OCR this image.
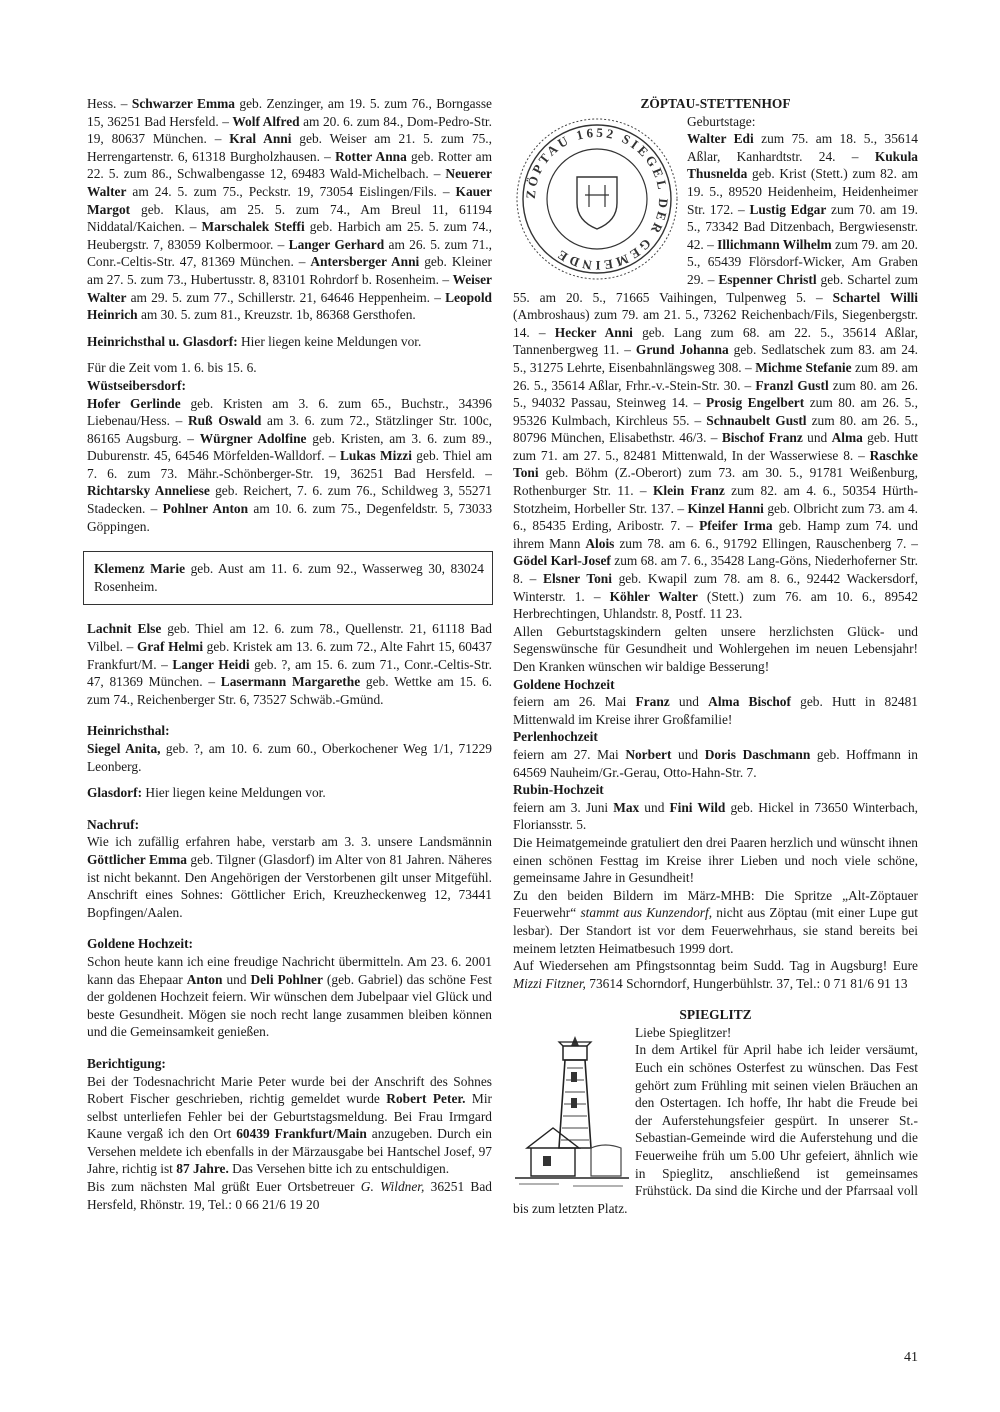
Hess. – Schwarzer Emma geb. Zenzinger, am 19. 5. zum 76., Borngasse 15, 36251 Bad Hersfeld. – Wolf Alfred am 20. 6. zum 84., Dom-Pedro-Str. 19, 80637 München. – Kral Anni geb. Weiser am 21. 5. zum 75., Herrengartenstr. 6, 61318 Burgholzhausen. – Rotter Anna geb. Rotter am 22. 5. zum 86., Schwalbengasse 12, 69483 Wald-Michelbach. – Neuerer Walter am 24. 5. zum 75., Peckstr. 19, 73054 Eislingen/Fils. – Kauer Margot geb. Klaus, am 25. 5. zum 74., Am Breul 11, 61194 Niddatal/Kaichen. – Marschalek Steffi geb. Harbich am 25. 5. zum 74., Heubergstr. 7, 83059 Kolbermoor. – Langer Gerhard am 26. 5. zum 71., Conr.-Celtis-Str. 47, 81369 München. – Antersberger Anni geb. Kleiner am 27. 5. zum 73., Hubertusstr. 8, 83101 Rohrdorf b. Rosenheim. – Weiser Walter am 29. 5. zum 77., Schillerstr. 21, 64646 Heppenheim. – Leopold Heinrich am 30. 5. zum 81., Kreuzstr. 1b, 86368 Gersthofen.

Heinrichsthal u. Glasdorf: Hier liegen keine Meldungen vor.

Für die Zeit vom 1. 6. bis 15. 6.

Wüstseibersdorf:

Hofer Gerlinde geb. Kristen am 3. 6. zum 65., Buchstr., 34396 Liebenau/Hess. – Ruß Oswald am 3. 6. zum 72., Stätzlinger Str. 100c, 86165 Augsburg. – Würgner Adolfine geb. Kristen, am 3. 6. zum 89., Duburenstr. 45, 64546 Mörfelden-Walldorf. – Lukas Mizzi geb. Thiel am 7. 6. zum 73. Mähr.-Schönberger-Str. 19, 36251 Bad Hersfeld. – Richtarsky Anneliese geb. Reichert, 7. 6. zum 76., Schildweg 3, 55271 Stadecken. – Pohlner Anton am 10. 6. zum 75., Degenfeldstr. 5, 73033 Göppingen.

Klemenz Marie geb. Aust am 11. 6. zum 92., Wasserweg 30, 83024 Rosenheim.

Lachnit Else geb. Thiel am 12. 6. zum 78., Quellenstr. 21, 61118 Bad Vilbel. – Graf Helmi geb. Kristek am 13. 6. zum 72., Alte Fahrt 15, 60437 Frankfurt/M. – Langer Heidi geb. ?, am 15. 6. zum 71., Conr.-Celtis-Str. 47, 81369 München. – Lasermann Margarethe geb. Wettke am 15. 6. zum 74., Reichenberger Str. 6, 73527 Schwäb.-Gmünd.

Heinrichsthal:

Siegel Anita, geb. ?, am 10. 6. zum 60., Oberkochener Weg 1/1, 71229 Leonberg.

Glasdorf: Hier liegen keine Meldungen vor.

Nachruf:

Wie ich zufällig erfahren habe, verstarb am 3. 3. unsere Landsmännin Göttlicher Emma geb. Tilgner (Glasdorf) im Alter von 81 Jahren. Näheres ist nicht bekannt. Den Angehörigen der Verstorbenen gilt unser Mitgefühl. Anschrift eines Sohnes: Göttlicher Erich, Kreuzheckenweg 12, 73441 Bopfingen/Aalen.

Goldene Hochzeit:

Schon heute kann ich eine freudige Nachricht übermitteln. Am 23. 6. 2001 kann das Ehepaar Anton und Deli Pohlner (geb. Gabriel) das schöne Fest der goldenen Hochzeit feiern. Wir wünschen dem Jubelpaar viel Glück und beste Gesundheit. Mögen sie noch recht lange zusammen bleiben können und die Gemeinsamkeit genießen.

Berichtigung:

Bei der Todesnachricht Marie Peter wurde bei der Anschrift des Sohnes Robert Fischer geschrieben, richtig gemeldet wurde Robert Peter. Mir selbst unterliefen Fehler bei der Geburtstagsmeldung. Bei Frau Irmgard Kaune vergaß ich den Ort 60439 Frankfurt/Main anzugeben. Durch ein Versehen meldete ich ebenfalls in der Märzausgabe bei Hantschel Josef, 97 Jahre, richtig ist 87 Jahre. Das Versehen bitte ich zu entschuldigen.

Bis zum nächsten Mal grüßt Euer Ortsbetreuer G. Wildner, 36251 Bad Hersfeld, Rhönstr. 19, Tel.: 0 66 21/6 19 20

ZÖPTAU-STETTENHOF

ZÖPTAU 1652 SIEGEL DER GEMEINDE

Geburtstage:

Walter Edi zum 75. am 18. 5., 35614 Aßlar, Kanhardtstr. 24. – Kukula Thusnelda geb. Krist (Stett.) zum 82. am 19. 5., 89520 Heidenheim, Heidenheimer Str. 172. – Lustig Edgar zum 70. am 19. 5., 73342 Bad Ditzenbach, Bergwiesenstr. 42. – Illichmann Wilhelm zum 79. am 20. 5., 65439 Flörsdorf-Wicker, Am Graben 29. – Espenner Christl geb. Schartel zum 55. am 20. 5., 71665 Vaihingen, Tulpenweg 5. – Schartel Willi (Ambroshaus) zum 79. am 21. 5., 73262 Reichenbach/Fils, Siegenbergstr. 14. – Hecker Anni geb. Lang zum 68. am 22. 5., 35614 Aßlar, Tannenbergweg 11. – Grund Johanna geb. Sedlatschek zum 83. am 24. 5., 31275 Lehrte, Eisenbahnlängsweg 308. – Michme Stefanie zum 89. am 26. 5., 35614 Aßlar, Frhr.-v.-Stein-Str. 30. – Franzl Gustl zum 80. am 26. 5., 94032 Passau, Steinweg 14. – Prosig Engelbert zum 80. am 26. 5., 95326 Kulmbach, Kirchleus 55. – Schnaubelt Gustl zum 80. am 26. 5., 80796 München, Elisabethstr. 46/3. – Bischof Franz und Alma geb. Hutt zum 71. am 27. 5., 82481 Mittenwald, In der Wasserwiese 8. – Raschke Toni geb. Böhm (Z.-Oberort) zum 73. am 30. 5., 91781 Weißenburg, Rothenburger Str. 11. – Klein Franz zum 82. am 4. 6., 50354 Hürth-Stotzheim, Horbeller Str. 137. – Kinzel Hanni geb. Olbricht zum 73. am 4. 6., 85435 Erding, Aribostr. 7. – Pfeifer Irma geb. Hamp zum 74. und ihrem Mann Alois zum 78. am 6. 6., 91792 Ellingen, Rauschenberg 7. – Gödel Karl-Josef zum 68. am 7. 6., 35428 Lang-Göns, Niederhoferner Str. 8. – Elsner Toni geb. Kwapil zum 78. am 8. 6., 92442 Wackersdorf, Winterstr. 1. – Köhler Walter (Stett.) zum 76. am 10. 6., 89542 Herbrechtingen, Uhlandstr. 8, Postf. 11 23.

Allen Geburtstagskindern gelten unsere herzlichsten Glück- und Segenswünsche für Gesundheit und Wohlergehen im neuen Lebensjahr! Den Kranken wünschen wir baldige Besserung!

Goldene Hochzeit

feiern am 26. Mai Franz und Alma Bischof geb. Hutt in 82481 Mittenwald im Kreise ihrer Großfamilie!

Perlenhochzeit

feiern am 27. Mai Norbert und Doris Daschmann geb. Hoffmann in 64569 Nauheim/Gr.-Gerau, Otto-Hahn-Str. 7.

Rubin-Hochzeit

feiern am 3. Juni Max und Fini Wild geb. Hickel in 73650 Winterbach, Floriansstr. 5.

Die Heimatgemeinde gratuliert den drei Paaren herzlich und wünscht ihnen einen schönen Festtag im Kreise ihrer Lieben und noch viele schöne, gemeinsame Jahre in Gesundheit!

Zu den beiden Bildern im März-MHB: Die Spritze „Alt-Zöptauer Feuerwehr“ stammt aus Kunzendorf, nicht aus Zöptau (mit einer Lupe gut lesbar). Der Standort ist vor dem Feuerwehrhaus, sie stand bereits bei meinem letzten Heimatbesuch 1999 dort.

Auf Wiedersehen am Pfingstsonntag beim Sudd. Tag in Augsburg! Eure Mizzi Fitzner, 73614 Schorndorf, Hungerbühlstr. 37, Tel.: 0 71 81/6 91 13

SPIEGLITZ

Liebe Spieglitzer!

In dem Artikel für April habe ich leider versäumt, Euch ein schönes Osterfest zu wünschen. Das Fest gehört zum Frühling mit seinen vielen Bräuchen an den Ostertagen. Ich hoffe, Ihr habt die Freude bei der Auferstehungsfeier gespürt. In unserer St.-Sebastian-Gemeinde wird die Auferstehung und die Feuerweihe früh um 5.00 Uhr gefeiert, ähnlich wie in Spieglitz, anschließend ist gemeinsames Frühstück. Da sind die Kirche und der Pfarrsaal voll bis zum letzten Platz.

41
